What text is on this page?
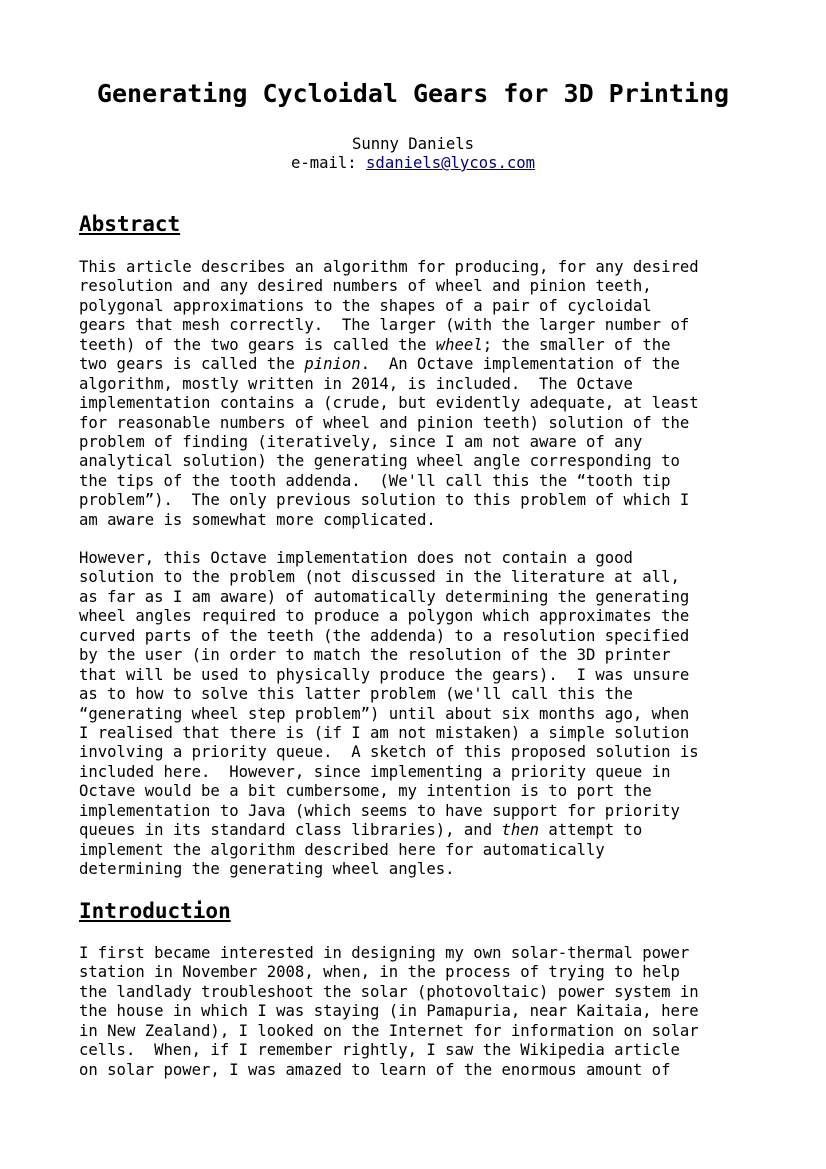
Generating Cycloidal Gears for 3D Printing
Sunny Daniels
e-mail: sdaniels@lycos.com
Abstract
This article describes an algorithm for producing, for any desired
resolution and any desired numbers of wheel and pinion teeth,
polygonal approximations to the shapes of a pair of cycloidal
gears that mesh correctly.  The larger (with the larger number of
teeth) of the two gears is called the wheel; the smaller of the
two gears is called the pinion.  An Octave implementation of the
algorithm, mostly written in 2014, is included.  The Octave
implementation contains a (crude, but evidently adequate, at least
for reasonable numbers of wheel and pinion teeth) solution of the
problem of finding (iteratively, since I am not aware of any
analytical solution) the generating wheel angle corresponding to
the tips of the tooth addenda.  (We'll call this the “tooth tip
problem”).  The only previous solution to this problem of which I
am aware is somewhat more complicated.
However, this Octave implementation does not contain a good
solution to the problem (not discussed in the literature at all,
as far as I am aware) of automatically determining the generating
wheel angles required to produce a polygon which approximates the
curved parts of the teeth (the addenda) to a resolution specified
by the user (in order to match the resolution of the 3D printer
that will be used to physically produce the gears).  I was unsure
as to how to solve this latter problem (we'll call this the
“generating wheel step problem”) until about six months ago, when
I realised that there is (if I am not mistaken) a simple solution
involving a priority queue.  A sketch of this proposed solution is
included here.  However, since implementing a priority queue in
Octave would be a bit cumbersome, my intention is to port the
implementation to Java (which seems to have support for priority
queues in its standard class libraries), and then attempt to
implement the algorithm described here for automatically
determining the generating wheel angles.
Introduction
I first became interested in designing my own solar-thermal power
station in November 2008, when, in the process of trying to help
the landlady troubleshoot the solar (photovoltaic) power system in
the house in which I was staying (in Pamapuria, near Kaitaia, here
in New Zealand), I looked on the Internet for information on solar
cells.  When, if I remember rightly, I saw the Wikipedia article
on solar power, I was amazed to learn of the enormous amount of
